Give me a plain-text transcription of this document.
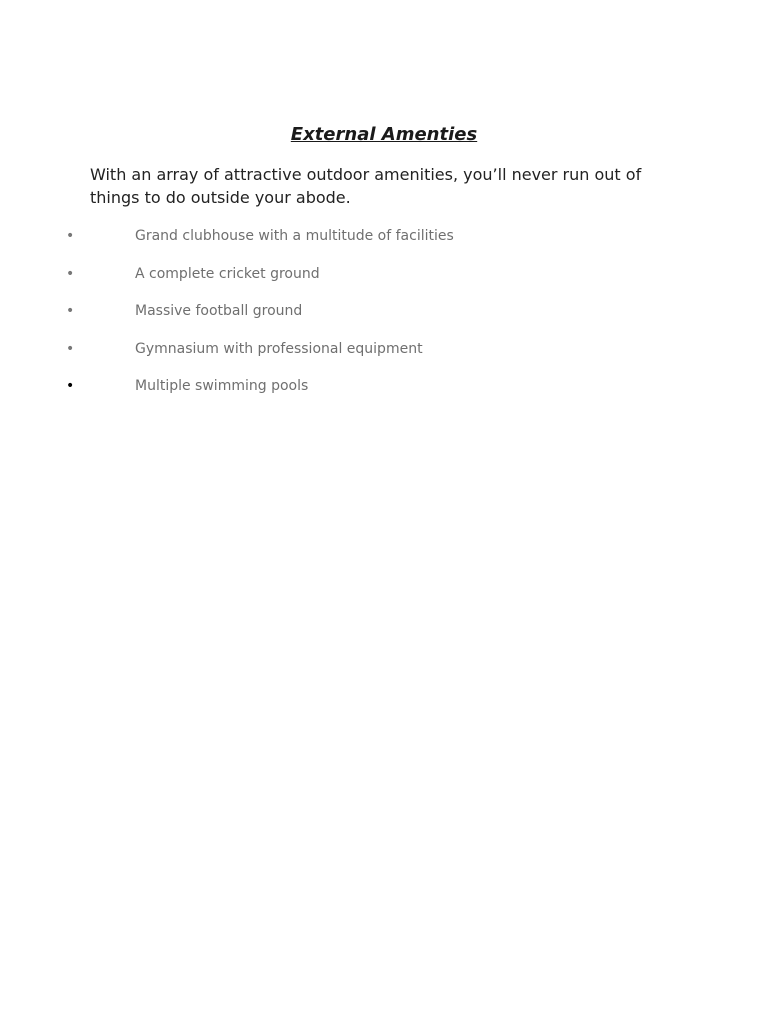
External Amenties
With an array of attractive outdoor amenities, you’ll never run out of things to do outside your abode.
•	Grand clubhouse with a multitude of facilities
•	A complete cricket ground
•	Massive football ground
•	Gymnasium with professional equipment
•	Multiple swimming pools
